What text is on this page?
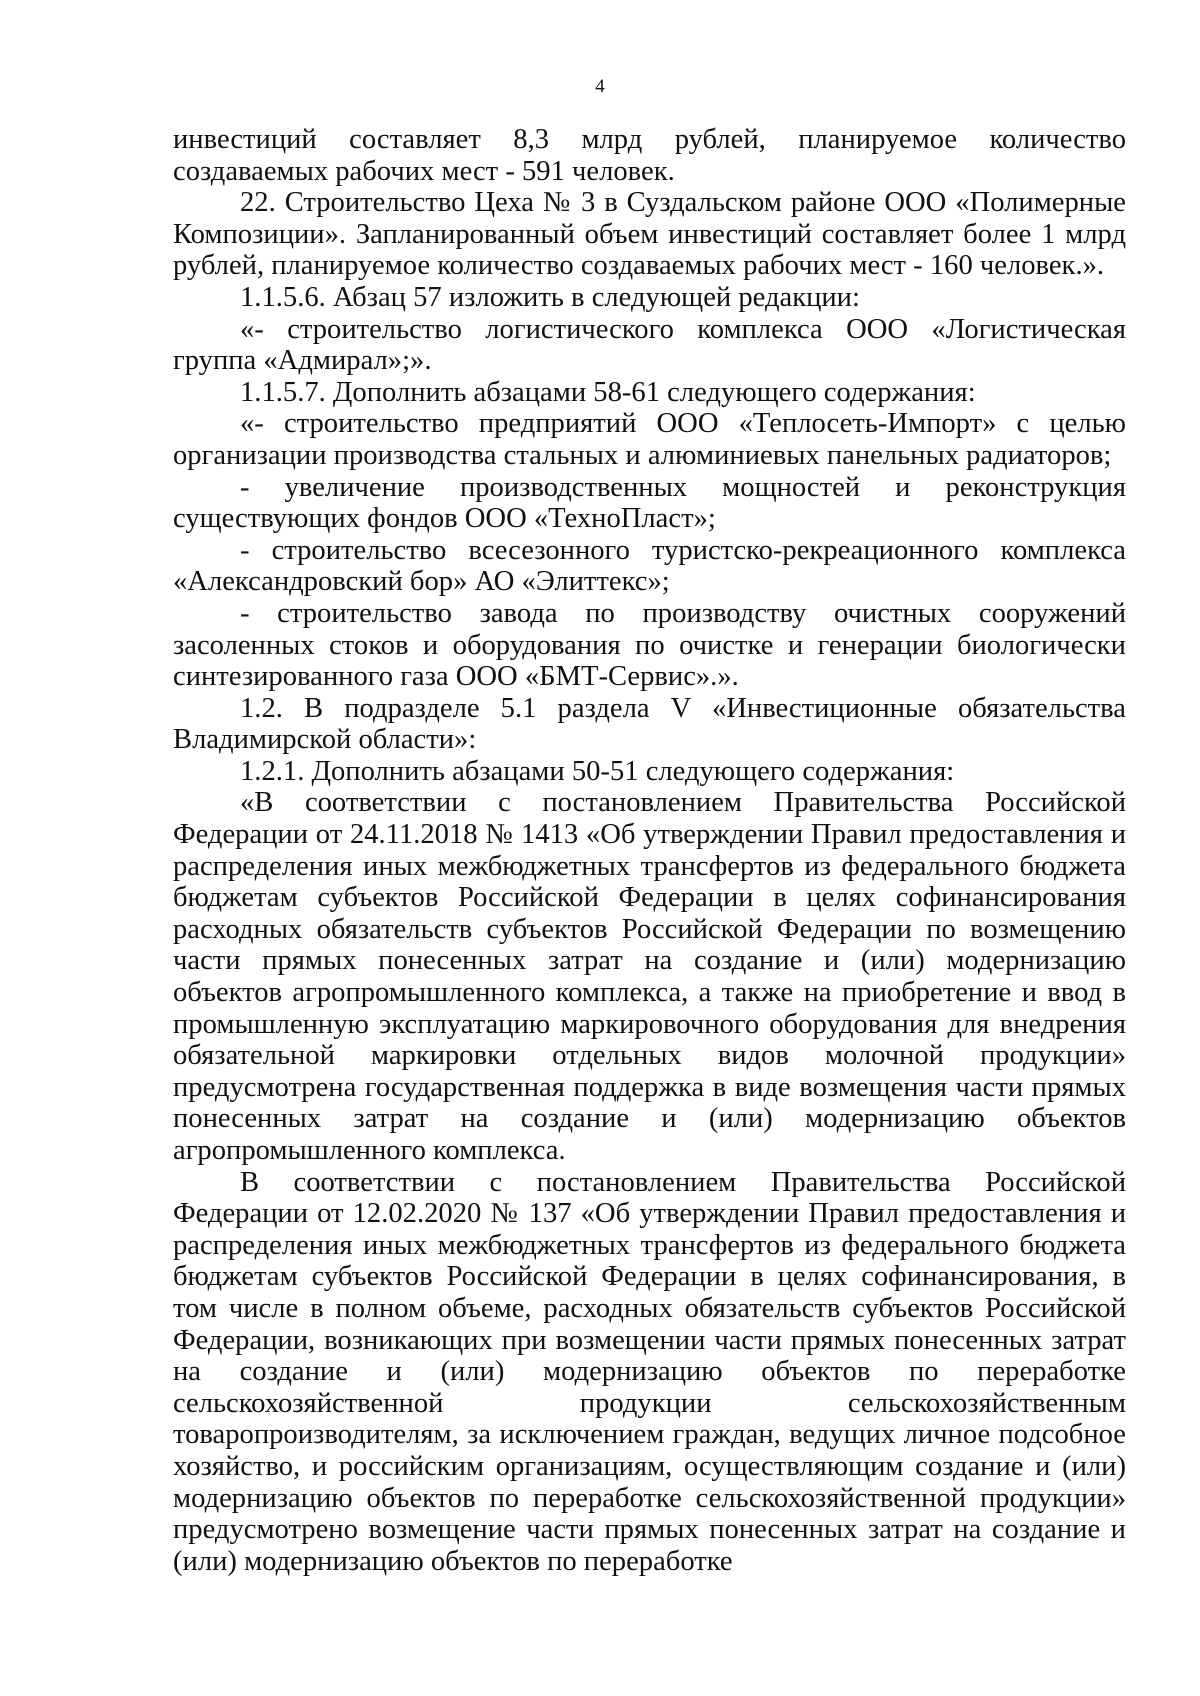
4

инвестиций составляет 8,3 млрд рублей, планируемое количество создаваемых рабочих мест - 591 человек.

22. Строительство Цеха № 3 в Суздальском районе ООО «Полимерные Композиции». Запланированный объем инвестиций составляет более 1 млрд рублей, планируемое количество создаваемых рабочих мест - 160 человек.».

1.1.5.6. Абзац 57 изложить в следующей редакции:

«- строительство логистического комплекса ООО «Логистическая группа «Адмирал»;».

1.1.5.7. Дополнить абзацами 58-61 следующего содержания:

«- строительство предприятий ООО «Теплосеть-Импорт» с целью организации производства стальных и алюминиевых панельных радиаторов;

- увеличение производственных мощностей и реконструкция существующих фондов ООО «ТехноПласт»;

- строительство всесезонного туристско-рекреационного комплекса «Александровский бор» АО «Элиттекс»;

- строительство завода по производству очистных сооружений засоленных стоков и оборудования по очистке и генерации биологически синтезированного газа ООО «БМТ-Сервис».».

1.2. В подразделе 5.1 раздела V «Инвестиционные обязательства Владимирской области»:

1.2.1. Дополнить абзацами 50-51 следующего содержания:

«В соответствии с постановлением Правительства Российской Федерации от 24.11.2018 № 1413 «Об утверждении Правил предоставления и распределения иных межбюджетных трансфертов из федерального бюджета бюджетам субъектов Российской Федерации в целях софинансирования расходных обязательств субъектов Российской Федерации по возмещению части прямых понесенных затрат на создание и (или) модернизацию объектов агропромышленного комплекса, а также на приобретение и ввод в промышленную эксплуатацию маркировочного оборудования для внедрения обязательной маркировки отдельных видов молочной продукции» предусмотрена государственная поддержка в виде возмещения части прямых понесенных затрат на создание и (или) модернизацию объектов агропромышленного комплекса.

В соответствии с постановлением Правительства Российской Федерации от 12.02.2020 № 137 «Об утверждении Правил предоставления и распределения иных межбюджетных трансфертов из федерального бюджета бюджетам субъектов Российской Федерации в целях софинансирования, в том числе в полном объеме, расходных обязательств субъектов Российской Федерации, возникающих при возмещении части прямых понесенных затрат на создание и (или) модернизацию объектов по переработке сельскохозяйственной продукции сельскохозяйственным товаропроизводителям, за исключением граждан, ведущих личное подсобное хозяйство, и российским организациям, осуществляющим создание и (или) модернизацию объектов по переработке сельскохозяйственной продукции» предусмотрено возмещение части прямых понесенных затрат на создание и (или) модернизацию объектов по переработке
